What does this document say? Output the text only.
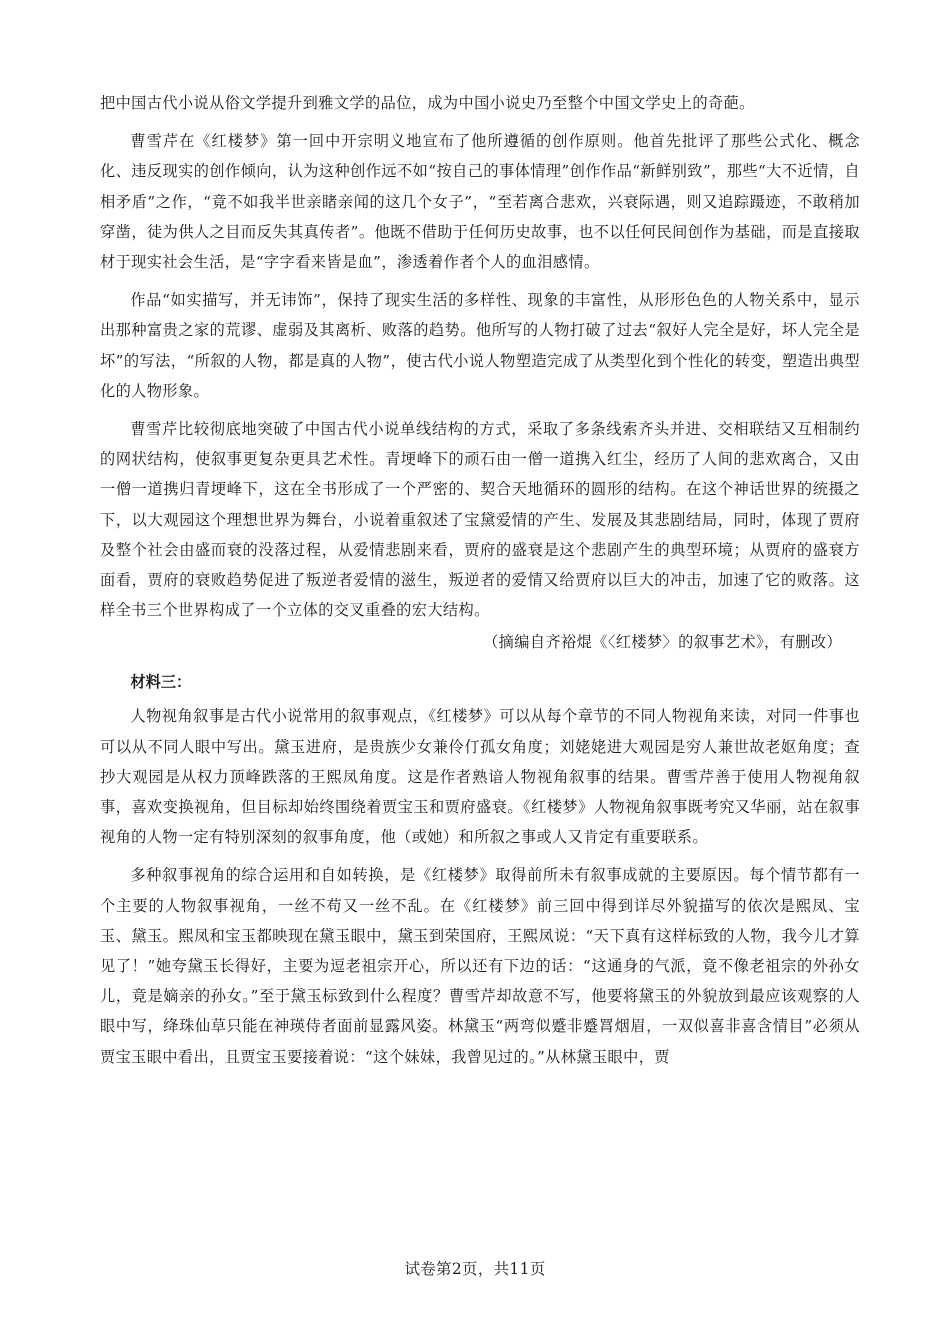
把中国古代小说从俗文学提升到雅文学的品位，成为中国小说史乃至整个中国文学史上的奇葩。

曹雪芹在《红楼梦》第一回中开宗明义地宣布了他所遵循的创作原则。他首先批评了那些公式化、概念化、违反现实的创作倾向，认为这种创作远不如“按自己的事体情理”创作作品“新鲜别致”，那些“大不近情，自相矛盾”之作，“竟不如我半世亲睹亲闻的这几个女子”，“至若离合悲欢，兴衰际遇，则又追踪蹑迹，不敢稍加穿凿，徒为供人之目而反失其真传者”。他既不借助于任何历史故事，也不以任何民间创作为基础，而是直接取材于现实社会生活，是“字字看来皆是血”，渗透着作者个人的血泪感情。

作品“如实描写，并无讳饰”，保持了现实生活的多样性、现象的丰富性，从形形色色的人物关系中，显示出那种富贵之家的荒谬、虚弱及其离析、败落的趋势。他所写的人物打破了过去“叙好人完全是好，坏人完全是坏”的写法，“所叙的人物，都是真的人物”，使古代小说人物塑造完成了从类型化到个性化的转变，塑造出典型化的人物形象。

曹雪芹比较彻底地突破了中国古代小说单线结构的方式，采取了多条线索齐头并进、交相联结又互相制约的网状结构，使叙事更复杂更具艺术性。青埂峰下的顽石由一僧一道携入红尘，经历了人间的悲欢离合，又由一僧一道携归青埂峰下，这在全书形成了一个严密的、契合天地循环的圆形的结构。在这个神话世界的统摄之下，以大观园这个理想世界为舞台，小说着重叙述了宝黛爱情的产生、发展及其悲剧结局，同时，体现了贾府及整个社会由盛而衰的没落过程，从爱情悲剧来看，贾府的盛衰是这个悲剧产生的典型环境；从贾府的盛衰方面看，贾府的衰败趋势促进了叛逆者爱情的滋生，叛逆者的爱情又给贾府以巨大的冲击，加速了它的败落。这样全书三个世界构成了一个立体的交叉重叠的宏大结构。

（摘编自齐裕焜《〈红楼梦〉的叙事艺术》，有删改）

材料三：

人物视角叙事是古代小说常用的叙事观点，《红楼梦》可以从每个章节的不同人物视角来读，对同一件事也可以从不同人眼中写出。黛玉进府，是贵族少女兼伶仃孤女角度；刘姥姥进大观园是穷人兼世故老妪角度；查抄大观园是从权力顶峰跌落的王熙凤角度。这是作者熟谙人物视角叙事的结果。曹雪芹善于使用人物视角叙事，喜欢变换视角，但目标却始终围绕着贾宝玉和贾府盛衰。《红楼梦》人物视角叙事既考究又华丽，站在叙事视角的人物一定有特别深刻的叙事角度，他（或她）和所叙之事或人又肯定有重要联系。

多种叙事视角的综合运用和自如转换，是《红楼梦》取得前所未有叙事成就的主要原因。每个情节都有一个主要的人物叙事视角，一丝不苟又一丝不乱。在《红楼梦》前三回中得到详尽外貌描写的依次是熙凤、宝玉、黛玉。熙凤和宝玉都映现在黛玉眼中，黛玉到荣国府，王熙凤说：“天下真有这样标致的人物，我今儿才算见了！”她夸黛玉长得好，主要为逗老祖宗开心，所以还有下边的话：“这通身的气派，竟不像老祖宗的外孙女儿，竟是嫡亲的孙女。”至于黛玉标致到什么程度？曹雪芹却故意不写，他要将黛玉的外貌放到最应该观察的人眼中写，绛珠仙草只能在神瑛侍者面前显露风姿。林黛玉“两弯似蹙非蹙罥烟眉，一双似喜非喜含情目”必须从贾宝玉眼中看出，且贾宝玉要接着说：“这个妹妹，我曾见过的。”从林黛玉眼中，贾

试卷第2页，共11页
